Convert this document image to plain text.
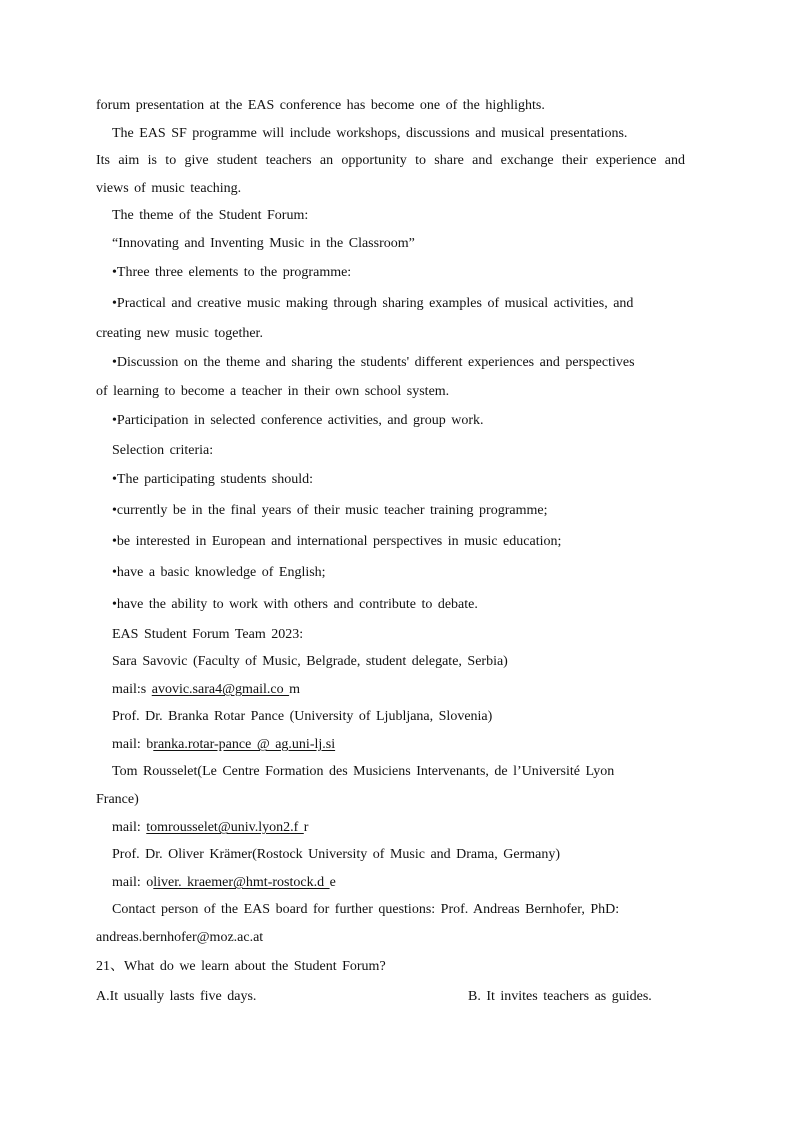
forum presentation at the EAS conference has become one of the highlights.
The EAS SF programme will include workshops, discussions and musical presentations.
Its aim is to give student teachers an opportunity to share and exchange their experience and
views of music teaching.
The theme of the Student Forum:
“Innovating and Inventing Music in the Classroom”
•Three three elements to the programme:
•Practical and creative music making through sharing examples of musical activities, and
creating new music together.
•Discussion on the theme and sharing the students' different experiences and perspectives
of learning to become a teacher in their own school system.
•Participation in selected conference activities, and group work.
Selection criteria:
•The participating students should:
•currently be in the final years of their music teacher training programme;
•be interested in European and international perspectives in music education;
•have a basic knowledge of English;
•have the ability to work with others and contribute to debate.
EAS Student Forum Team 2023:
Sara Savovic (Faculty of Music, Belgrade, student delegate, Serbia)
mail:s avovic.sara4@gmail.co m
Prof. Dr. Branka Rotar Pance (University of Ljubljana, Slovenia)
mail: branka.rotar-pance @ ag.uni-lj.si
Tom Rousselet(Le Centre Formation des Musiciens Intervenants, de l’Université Lyon
France)
mail: tomrousselet@univ.lyon2.f r
Prof. Dr. Oliver Krämer(Rostock University of Music and Drama, Germany)
mail: oliver. kraemer@hmt-rostock.d e
Contact person of the EAS board for further questions: Prof. Andreas Bernhofer, PhD:
andreas.bernhofer@moz.ac.at
21、What do we learn about the Student Forum?
A.It usually lasts five days.	B. It invites teachers as guides.
